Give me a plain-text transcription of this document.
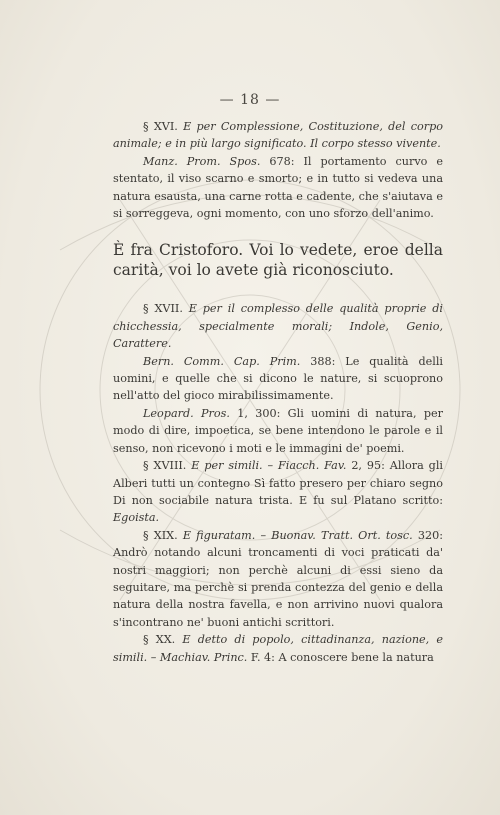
— 18 —

§ XVI. E per Complessione, Costituzione, del corpo animale; e in più largo significato. Il corpo stesso vivente.

Manz. Prom. Spos. 678: Il portamento curvo e stentato, il viso scarno e smorto; e in tutto si vedeva una natura esausta, una carne rotta e cadente, che s'aiutava e si sorreggeva, ogni momento, con uno sforzo dell'animo.

È fra Cristoforo. Voi lo vedete, eroe della carità, voi lo avete già riconosciuto.

§ XVII. E per il complesso delle qualità proprie di chicchessia, specialmente morali; Indole, Genio, Carattere.

Bern. Comm. Cap. Prim. 388: Le qualità delli uomini, e quelle che si dicono le nature, si scuoprono nell'atto del gioco mirabilissimamente.

Leopard. Pros. 1, 300: Gli uomini di natura, per modo di dire, impoetica, se bene intendono le parole e il senso, non ricevono i moti e le immagini de' poemi.

§ XVIII. E per simili. – Fiacch. Fav. 2, 95: Allora gli Alberi tutti un contegno Sì fatto presero per chiaro segno Di non sociabile natura trista. E fu sul Platano scritto: Egoista.

§ XIX. E figuratam. – Buonav. Tratt. Ort. tosc. 320: Andrò notando alcuni troncamenti di voci praticati da' nostri maggiori; non perchè alcuni di essi sieno da seguitare, ma perchè si prenda contezza del genio e della natura della nostra favella, e non arrivino nuovi qualora s'incontrano ne' buoni antichi scrittori.

§ XX. E detto di popolo, cittadinanza, nazione, e simili. – Machiav. Princ. F. 4: A conoscere bene la natura
